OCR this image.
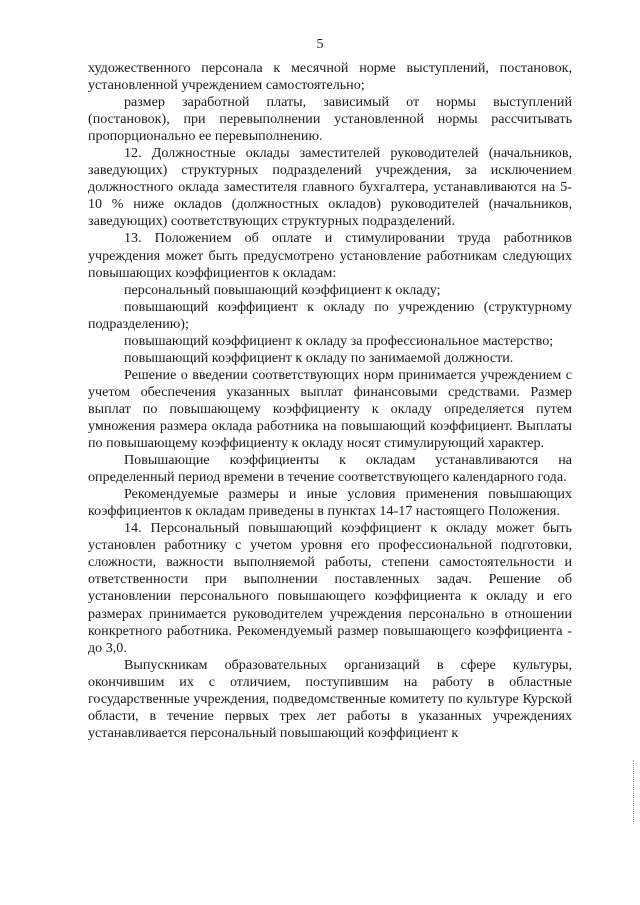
5

художественного персонала к месячной норме выступлений, постановок, установленной учреждением самостоятельно;

размер заработной платы, зависимый от нормы выступлений (постановок), при перевыполнении установленной нормы рассчитывать пропорционально ее перевыполнению.

12. Должностные оклады заместителей руководителей (начальников, заведующих) структурных подразделений учреждения, за исключением должностного оклада заместителя главного бухгалтера, устанавливаются на 5-10 % ниже окладов (должностных окладов) руководителей (начальников, заведующих) соответствующих структурных подразделений.

13. Положением об оплате и стимулировании труда работников учреждения может быть предусмотрено установление работникам следующих повышающих коэффициентов к окладам:

персональный повышающий коэффициент к окладу;

повышающий коэффициент к окладу по учреждению (структурному подразделению);

повышающий коэффициент к окладу за профессиональное мастерство;

повышающий коэффициент к окладу по занимаемой должности.

Решение о введении соответствующих норм принимается учреждением с учетом обеспечения указанных выплат финансовыми средствами. Размер выплат по повышающему коэффициенту к окладу определяется путем умножения размера оклада работника на повышающий коэффициент. Выплаты по повышающему коэффициенту к окладу носят стимулирующий характер.

Повышающие коэффициенты к окладам устанавливаются на определенный период времени в течение соответствующего календарного года.

Рекомендуемые размеры и иные условия применения повышающих коэффициентов к окладам приведены в пунктах 14-17 настоящего Положения.

14. Персональный повышающий коэффициент к окладу может быть установлен работнику с учетом уровня его профессиональной подготовки, сложности, важности выполняемой работы, степени самостоятельности и ответственности при выполнении поставленных задач. Решение об установлении персонального повышающего коэффициента к окладу и его размерах принимается руководителем учреждения персонально в отношении конкретного работника. Рекомендуемый размер повышающего коэффициента - до 3,0.

Выпускникам образовательных организаций в сфере культуры, окончившим их с отличием, поступившим на работу в областные государственные учреждения, подведомственные комитету по культуре Курской области, в течение первых трех лет работы в указанных учреждениях устанавливается персональный повышающий коэффициент к
